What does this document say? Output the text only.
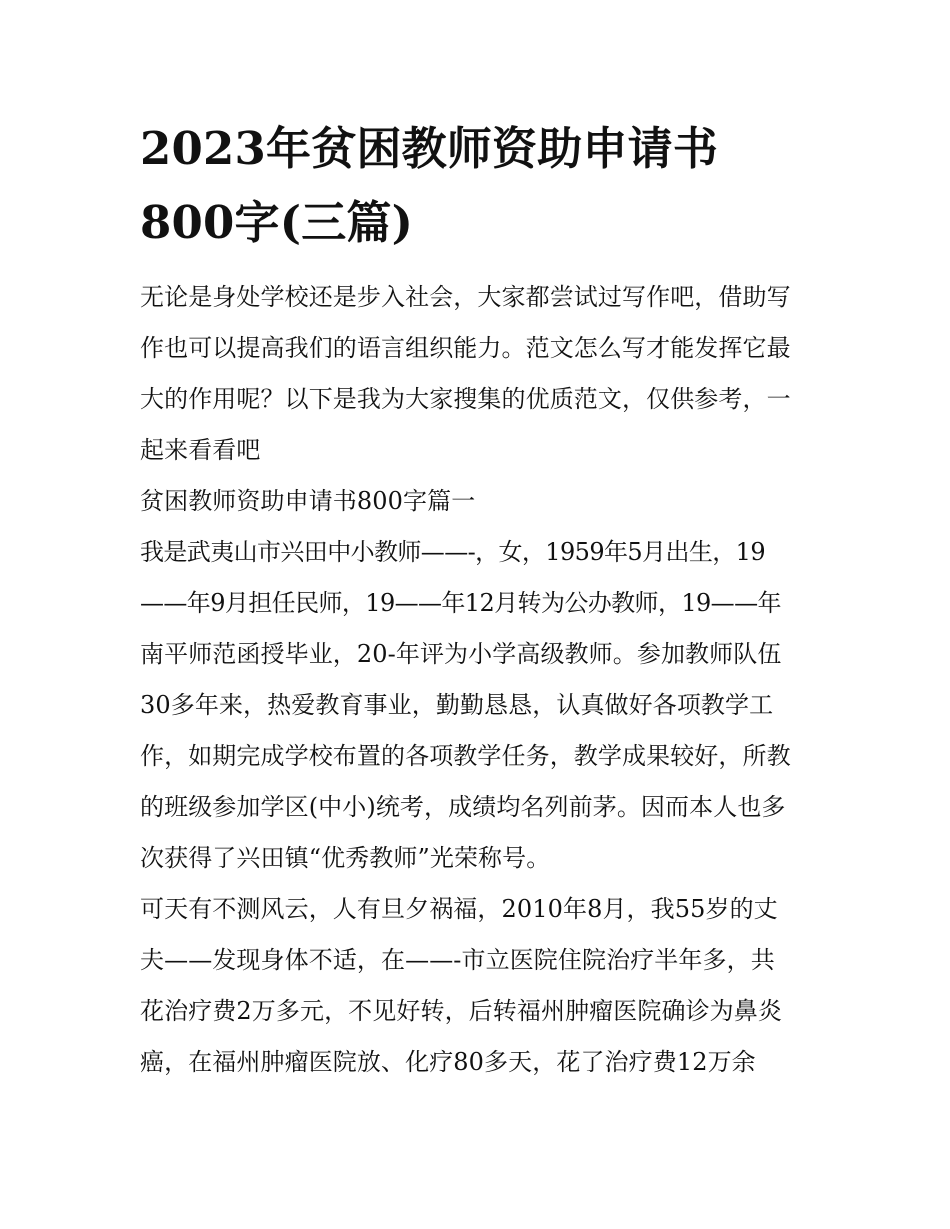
2023年贫困教师资助申请书
800字(三篇)

无论是身处学校还是步入社会，大家都尝试过写作吧，借助写
作也可以提高我们的语言组织能力。范文怎么写才能发挥它最
大的作用呢？以下是我为大家搜集的优质范文，仅供参考，一
起来看看吧

贫困教师资助申请书800字篇一

我是武夷山市兴田中小教师——-，女，1959年5月出生，19
——年9月担任民师，19——年12月转为公办教师，19——年
南平师范函授毕业，20-年评为小学高级教师。参加教师队伍
30多年来，热爱教育事业，勤勤恳恳，认真做好各项教学工
作，如期完成学校布置的各项教学任务，教学成果较好，所教
的班级参加学区(中小)统考，成绩均名列前茅。因而本人也多
次获得了兴田镇“优秀教师”光荣称号。

可天有不测风云，人有旦夕祸福，2010年8月，我55岁的丈
夫——发现身体不适，在——-市立医院住院治疗半年多，共
花治疗费2万多元，不见好转，后转福州肿瘤医院确诊为鼻炎
癌，在福州肿瘤医院放、化疗80多天，花了治疗费12万余
